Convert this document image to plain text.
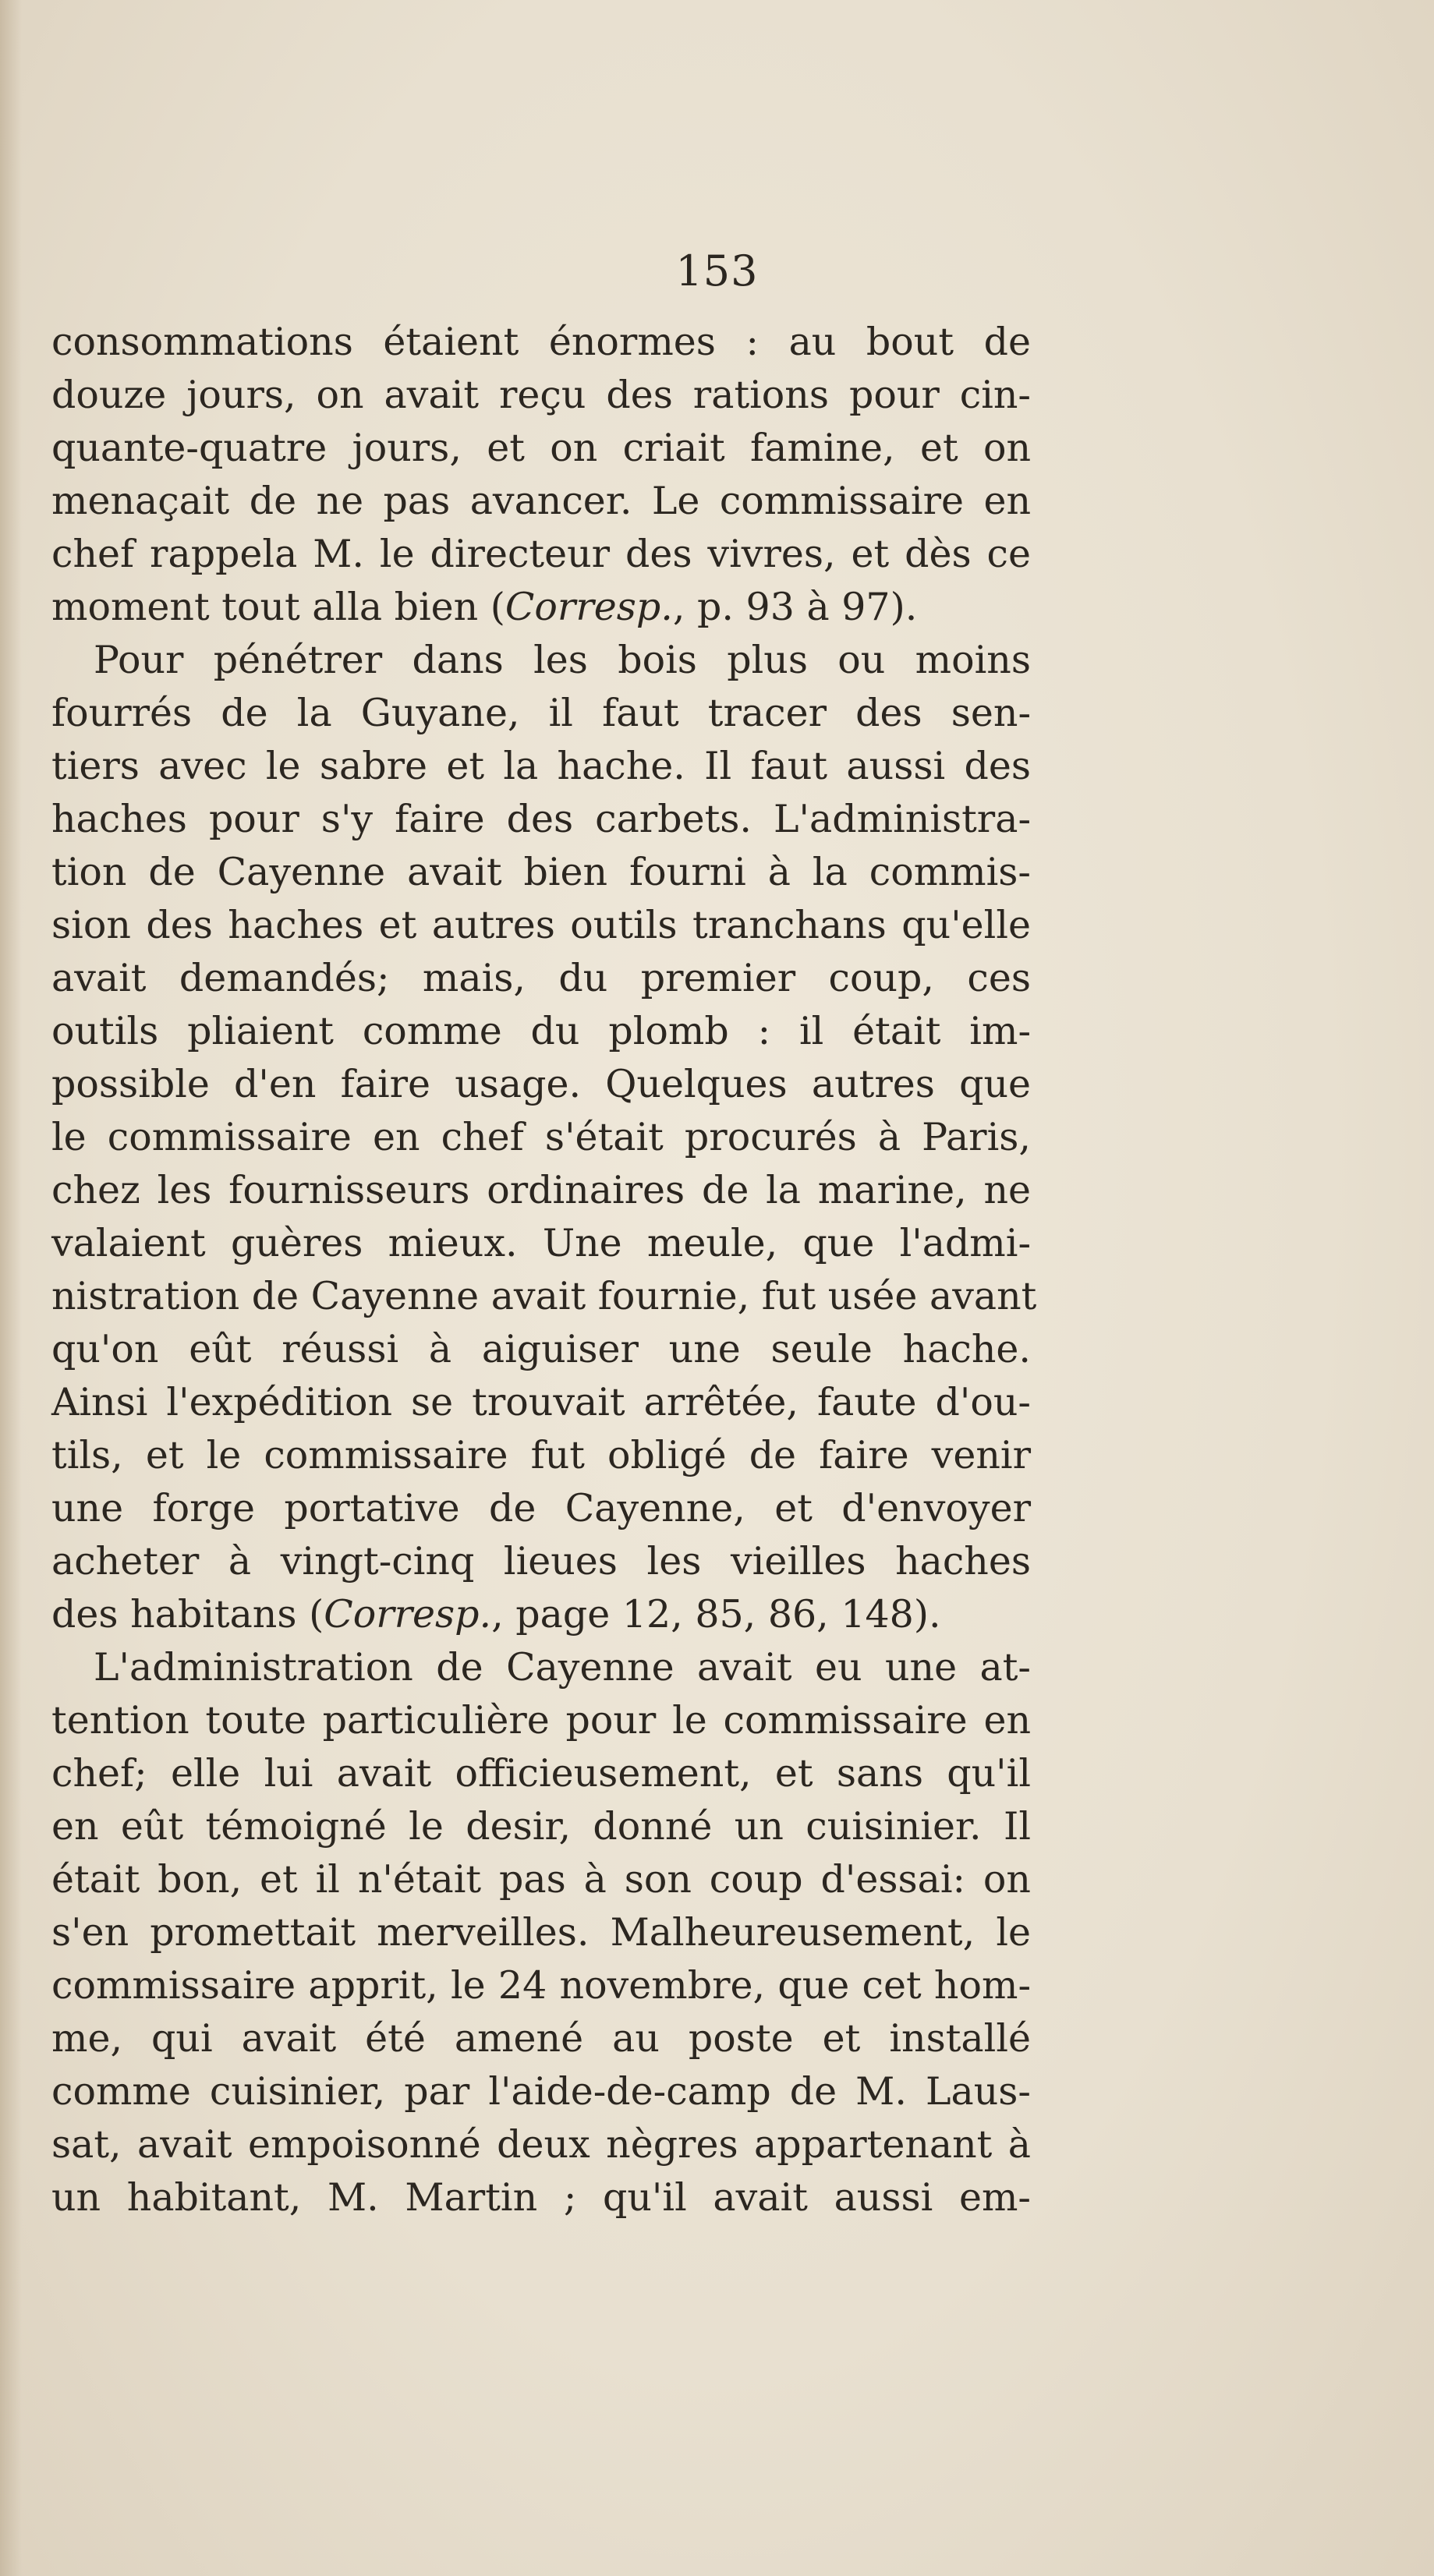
153
consommations étaient énormes : au bout de
douze jours, on avait reçu des rations pour cin-
quante-quatre jours, et on criait famine, et on
menaçait de ne pas avancer. Le commissaire en
chef rappela M. le directeur des vivres, et dès ce
moment tout alla bien (Corresp., p. 93 à 97).
Pour pénétrer dans les bois plus ou moins
fourrés de la Guyane, il faut tracer des sen-
tiers avec le sabre et la hache. Il faut aussi des
haches pour s'y faire des carbets. L'administra-
tion de Cayenne avait bien fourni à la commis-
sion des haches et autres outils tranchans qu'elle
avait demandés; mais, du premier coup, ces
outils pliaient comme du plomb : il était im-
possible d'en faire usage. Quelques autres que
le commissaire en chef s'était procurés à Paris,
chez les fournisseurs ordinaires de la marine, ne
valaient guères mieux. Une meule, que l'admi-
nistration de Cayenne avait fournie, fut usée avant
qu'on eût réussi à aiguiser une seule hache.
Ainsi l'expédition se trouvait arrêtée, faute d'ou-
tils, et le commissaire fut obligé de faire venir
une forge portative de Cayenne, et d'envoyer
acheter à vingt-cinq lieues les vieilles haches
des habitans (Corresp., page 12, 85, 86, 148).
L'administration de Cayenne avait eu une at-
tention toute particulière pour le commissaire en
chef; elle lui avait officieusement, et sans qu'il
en eût témoigné le desir, donné un cuisinier. Il
était bon, et il n'était pas à son coup d'essai: on
s'en promettait merveilles. Malheureusement, le
commissaire apprit, le 24 novembre, que cet hom-
me, qui avait été amené au poste et installé
comme cuisinier, par l'aide-de-camp de M. Laus-
sat, avait empoisonné deux nègres appartenant à
un habitant, M. Martin ; qu'il avait aussi em-
